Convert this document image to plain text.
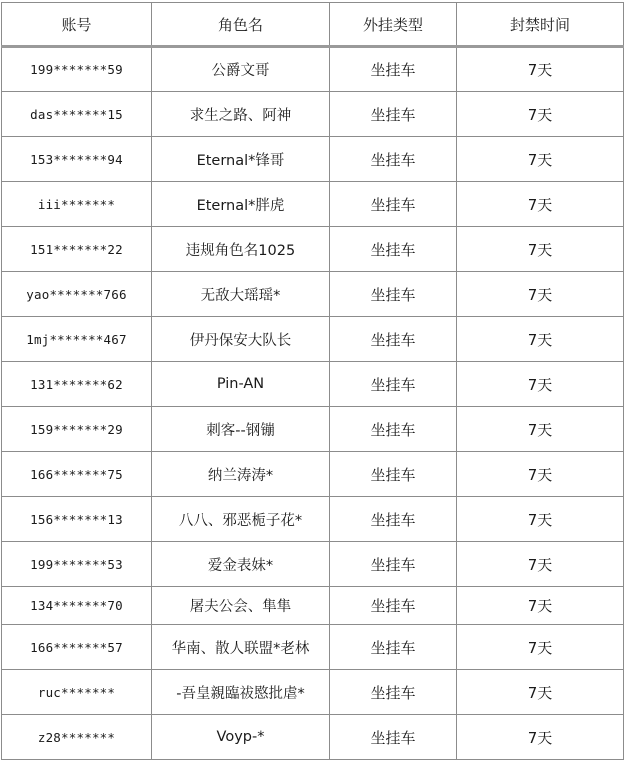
账号	角色名	外挂类型	封禁时间
199*******59	公爵文哥	坐挂车	7天
das*******15	求生之路、阿神	坐挂车	7天
153*******94	Eternal*锋哥	坐挂车	7天
iii*******	Eternal*胖虎	坐挂车	7天
151*******22	违规角色名1025	坐挂车	7天
yao*******766	无敌大瑶瑶*	坐挂车	7天
1mj*******467	伊丹保安大队长	坐挂车	7天
131*******62	Pin-AN	坐挂车	7天
159*******29	刺客--钢镚	坐挂车	7天
166*******75	纳兰涛涛*	坐挂车	7天
156*******13	八八、邪恶栀子花*	坐挂车	7天
199*******53	爱金表妹*	坐挂车	7天
134*******70	屠夫公会、隼隼	坐挂车	7天
166*******57	华南、散人联盟*老林	坐挂车	7天
ruc*******	-吾皇親臨祓愍批虐*	坐挂车	7天
z28*******	Voyp-*	坐挂车	7天
